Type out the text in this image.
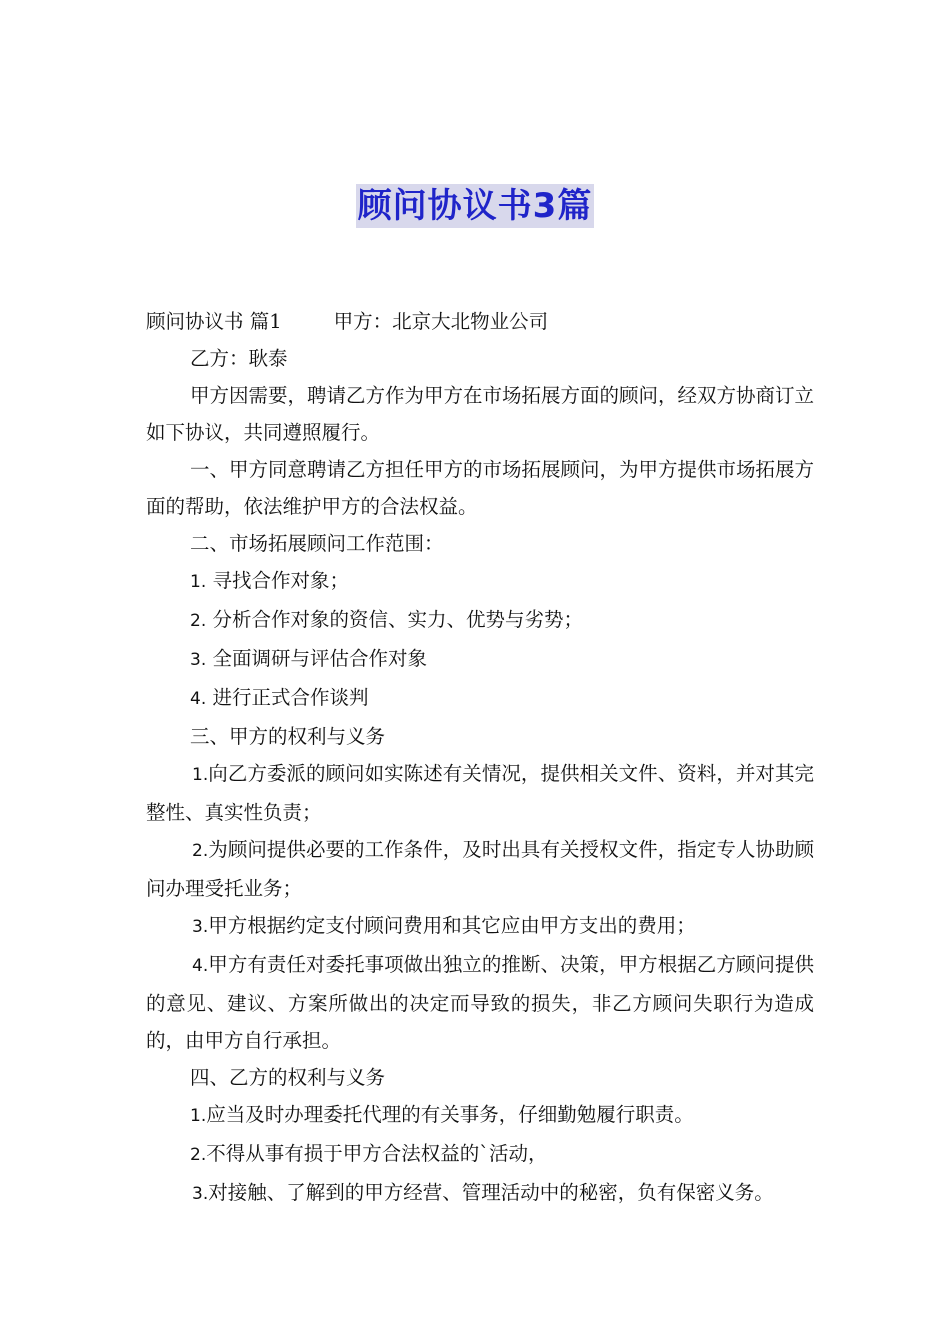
顾问协议书3篇

顾问协议书 篇1	甲方：北京大北物业公司

乙方：耿泰

甲方因需要，聘请乙方作为甲方在市场拓展方面的顾问，经双方协商订立如下协议，共同遵照履行。

一、甲方同意聘请乙方担任甲方的市场拓展顾问，为甲方提供市场拓展方面的帮助，依法维护甲方的合法权益。

二、市场拓展顾问工作范围：

1. 寻找合作对象；

2. 分析合作对象的资信、实力、优势与劣势；

3. 全面调研与评估合作对象

4. 进行正式合作谈判

三、甲方的权利与义务

1.向乙方委派的顾问如实陈述有关情况，提供相关文件、资料，并对其完整性、真实性负责；

2.为顾问提供必要的工作条件，及时出具有关授权文件，指定专人协助顾问办理受托业务；

3.甲方根据约定支付顾问费用和其它应由甲方支出的费用；

4.甲方有责任对委托事项做出独立的推断、决策，甲方根据乙方顾问提供的意见、建议、方案所做出的决定而导致的损失，非乙方顾问失职行为造成的，由甲方自行承担。

四、乙方的权利与义务

1.应当及时办理委托代理的有关事务，仔细勤勉履行职责。

2.不得从事有损于甲方合法权益的`活动，

3.对接触、了解到的甲方经营、管理活动中的秘密，负有保密义务。
